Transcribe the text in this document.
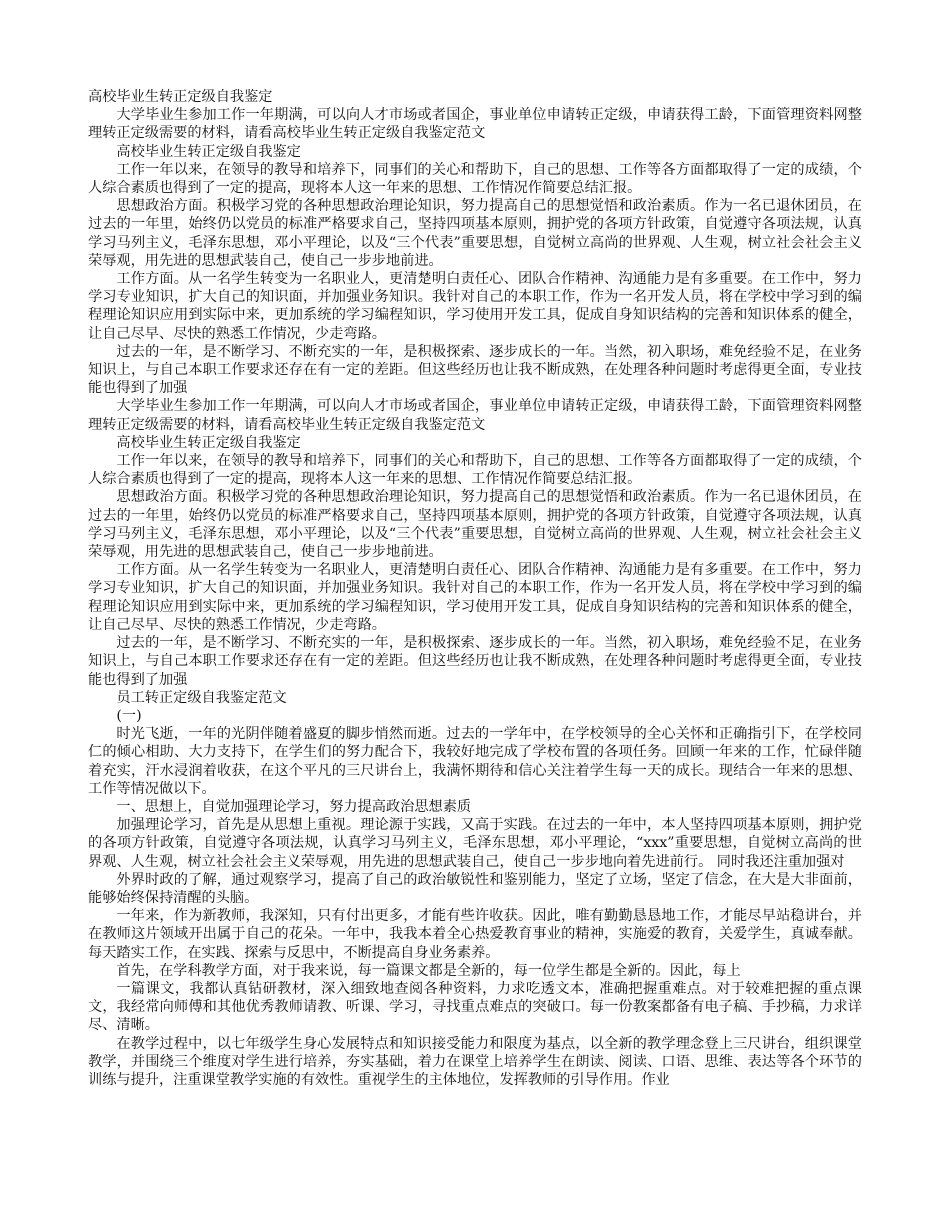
高校毕业生转正定级自我鉴定

大学毕业生参加工作一年期满，可以向人才市场或者国企，事业单位申请转正定级，申请获得工龄，下面管理资料网整理转正定级需要的材料，请看高校毕业生转正定级自我鉴定范文

高校毕业生转正定级自我鉴定

工作一年以来，在领导的教导和培养下，同事们的关心和帮助下，自己的思想、工作等各方面都取得了一定的成绩，个人综合素质也得到了一定的提高，现将本人这一年来的思想、工作情况作简要总结汇报。

思想政治方面。积极学习党的各种思想政治理论知识，努力提高自己的思想觉悟和政治素质。作为一名已退休团员，在过去的一年里，始终仍以党员的标准严格要求自己，坚持四项基本原则，拥护党的各项方针政策，自觉遵守各项法规，认真学习马列主义，毛泽东思想，邓小平理论，以及“三个代表”重要思想，自觉树立高尚的世界观、人生观，树立社会社会主义荣辱观，用先进的思想武装自己，使自己一步步地前进。

工作方面。从一名学生转变为一名职业人，更清楚明白责任心、团队合作精神、沟通能力是有多重要。在工作中，努力学习专业知识，扩大自己的知识面，并加强业务知识。我针对自己的本职工作，作为一名开发人员，将在学校中学习到的编程理论知识应用到实际中来，更加系统的学习编程知识，学习使用开发工具，促成自身知识结构的完善和知识体系的健全，让自己尽早、尽快的熟悉工作情况，少走弯路。

过去的一年，是不断学习、不断充实的一年，是积极探索、逐步成长的一年。当然，初入职场，难免经验不足，在业务知识上，与自己本职工作要求还存在有一定的差距。但这些经历也让我不断成熟，在处理各种问题时考虑得更全面，专业技能也得到了加强

大学毕业生参加工作一年期满，可以向人才市场或者国企，事业单位申请转正定级，申请获得工龄，下面管理资料网整理转正定级需要的材料，请看高校毕业生转正定级自我鉴定范文

高校毕业生转正定级自我鉴定

工作一年以来，在领导的教导和培养下，同事们的关心和帮助下，自己的思想、工作等各方面都取得了一定的成绩，个人综合素质也得到了一定的提高，现将本人这一年来的思想、工作情况作简要总结汇报。

思想政治方面。积极学习党的各种思想政治理论知识，努力提高自己的思想觉悟和政治素质。作为一名已退休团员，在过去的一年里，始终仍以党员的标准严格要求自己，坚持四项基本原则，拥护党的各项方针政策，自觉遵守各项法规，认真学习马列主义，毛泽东思想，邓小平理论，以及“三个代表”重要思想，自觉树立高尚的世界观、人生观，树立社会社会主义荣辱观，用先进的思想武装自己，使自己一步步地前进。

工作方面。从一名学生转变为一名职业人，更清楚明白责任心、团队合作精神、沟通能力是有多重要。在工作中，努力学习专业知识，扩大自己的知识面，并加强业务知识。我针对自己的本职工作，作为一名开发人员，将在学校中学习到的编程理论知识应用到实际中来，更加系统的学习编程知识，学习使用开发工具，促成自身知识结构的完善和知识体系的健全，让自己尽早、尽快的熟悉工作情况，少走弯路。

过去的一年，是不断学习、不断充实的一年，是积极探索、逐步成长的一年。当然，初入职场，难免经验不足，在业务知识上，与自己本职工作要求还存在有一定的差距。但这些经历也让我不断成熟，在处理各种问题时考虑得更全面，专业技能也得到了加强

员工转正定级自我鉴定范文

(一)

时光飞逝，一年的光阴伴随着盛夏的脚步悄然而逝。过去的一学年中，在学校领导的全心关怀和正确指引下，在学校同仁的倾心相助、大力支持下，在学生们的努力配合下，我较好地完成了学校布置的各项任务。回顾一年来的工作，忙碌伴随着充实，汗水浸润着收获，在这个平凡的三尺讲台上，我满怀期待和信心关注着学生每一天的成长。现结合一年来的思想、工作等情况做以下。

一、思想上，自觉加强理论学习，努力提高政治思想素质

加强理论学习，首先是从思想上重视。理论源于实践，又高于实践。在过去的一年中，本人坚持四项基本原则，拥护党的各项方针政策，自觉遵守各项法规，认真学习马列主义，毛泽东思想，邓小平理论，“xxx”重要思想，自觉树立高尚的世界观、人生观，树立社会社会主义荣辱观，用先进的思想武装自己，使自己一步步地向着先进前行。 同时我还注重加强对

外界时政的了解，通过观察学习，提高了自己的政治敏锐性和鉴别能力，坚定了立场，坚定了信念，在大是大非面前，能够始终保持清醒的头脑。

一年来，作为新教师，我深知，只有付出更多，才能有些许收获。因此，唯有勤勤恳恳地工作，才能尽早站稳讲台，并在教师这片领域开出属于自己的花朵。一年中，我我本着全心热爱教育事业的精神，实施爱的教育，关爱学生，真诚奉献。每天踏实工作，在实践、探索与反思中，不断提高自身业务素养。

首先，在学科教学方面，对于我来说，每一篇课文都是全新的，每一位学生都是全新的。因此，每上

一篇课文，我都认真钻研教材，深入细致地查阅各种资料，力求吃透文本，准确把握重难点。对于较难把握的重点课文，我经常向师傅和其他优秀教师请教、听课、学习，寻找重点难点的突破口。每一份教案都备有电子稿、手抄稿，力求详尽、清晰。

在教学过程中，以七年级学生身心发展特点和知识接受能力和限度为基点，以全新的教学理念登上三尺讲台，组织课堂教学，并围绕三个维度对学生进行培养，夯实基础，着力在课堂上培养学生在朗读、阅读、口语、思维、表达等各个环节的训练与提升，注重课堂教学实施的有效性。重视学生的主体地位，发挥教师的引导作用。作业
